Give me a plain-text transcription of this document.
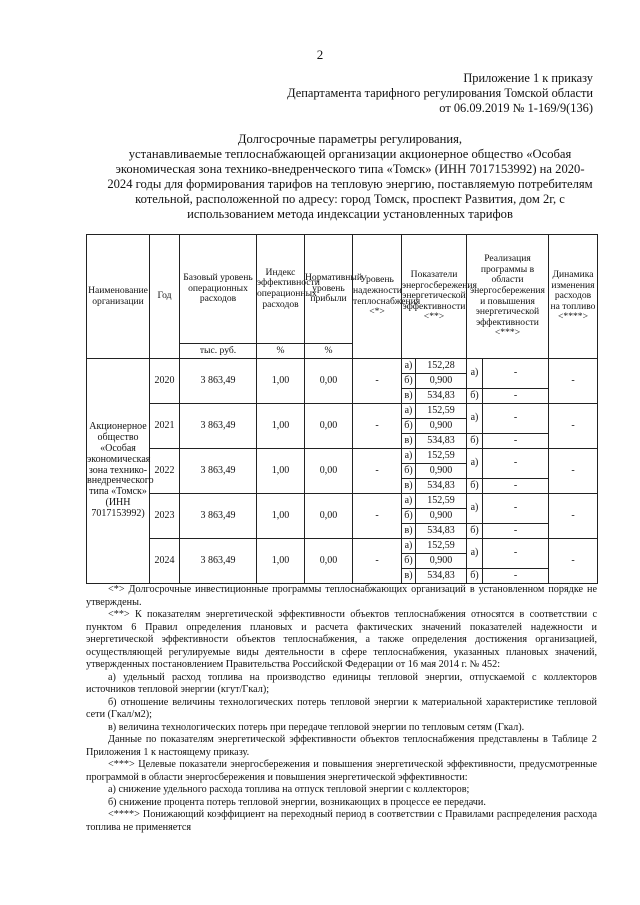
2
Приложение 1 к приказу
Департамента тарифного регулирования Томской области
от 06.09.2019 № 1-169/9(136)
Долгосрочные параметры регулирования,
устанавливаемые теплоснабжающей организации акционерное общество «Особая
экономическая зона технико-внедренческого типа «Томск» (ИНН 7017153992) на 2020-
2024 годы для формирования тарифов на тепловую энергию, поставляемую потребителям
котельной, расположенной по адресу: город Томск, проспект Развития, дом 2г, с
использованием метода индексации установленных тарифов
Наименование организации	Год	Базовый уровень операционных расходов	Индекс эффективности операционных расходов	Нормативный уровень прибыли	Уровень надежности теплоснабжения <*>	Показатели энергосбережения энергетической эффективности <**>		Реализация программы в области энергосбережения и повышения энергетической эффективности <***>		Динамика изменения расходов на топливо <****>
		тыс. руб.	%	%						
Акционерное общество «Особая экономическая зона технико-внедренческого типа «Томск» (ИНН 7017153992)	2020	3 863,49	1,00	0,00	-	а)	152,28	а)	-	-
						б)	0,900			
						в)	534,83	б)	-	
	2021	3 863,49	1,00	0,00	-	а)	152,59	а)	-	-
						б)	0,900			
						в)	534,83	б)	-	
	2022	3 863,49	1,00	0,00	-	а)	152,59	а)	-	-
						б)	0,900			
						в)	534,83	б)	-	
	2023	3 863,49	1,00	0,00	-	а)	152,59	а)	-	-
						б)	0,900			
						в)	534,83	б)	-	
	2024	3 863,49	1,00	0,00	-	а)	152,59	а)	-	-
						б)	0,900			
						в)	534,83	б)	-	

<*> Долгосрочные инвестиционные программы теплоснабжающих организаций в установленном порядке не утверждены.

<**> К показателям энергетической эффективности объектов теплоснабжения относятся в соответствии с пунктом 6 Правил определения плановых и расчета фактических значений показателей надежности и энергетической эффективности объектов теплоснабжения, а также определения достижения организацией, осуществляющей регулируемые виды деятельности в сфере теплоснабжения, указанных плановых значений, утвержденных постановлением Правительства Российской Федерации от 16 мая 2014 г. № 452:

а) удельный расход топлива на производство единицы тепловой энергии, отпускаемой с коллекторов источников тепловой энергии (кгут/Гкал);

б) отношение величины технологических потерь тепловой энергии к материальной характеристике тепловой сети (Гкал/м2);

в) величина технологических потерь при передаче тепловой энергии по тепловым сетям (Гкал).

Данные по показателям энергетической эффективности объектов теплоснабжения представлены в Таблице 2 Приложения 1 к настоящему приказу.

<***> Целевые показатели энергосбережения и повышения энергетической эффективности, предусмотренные программой в области энергосбережения и повышения энергетической эффективности:

а) снижение удельного расхода топлива на отпуск тепловой энергии с коллекторов;

б) снижение процента потерь тепловой энергии, возникающих в процессе ее передачи.

<****> Понижающий коэффициент на переходный период в соответствии с Правилами распределения расхода топлива не применяется
